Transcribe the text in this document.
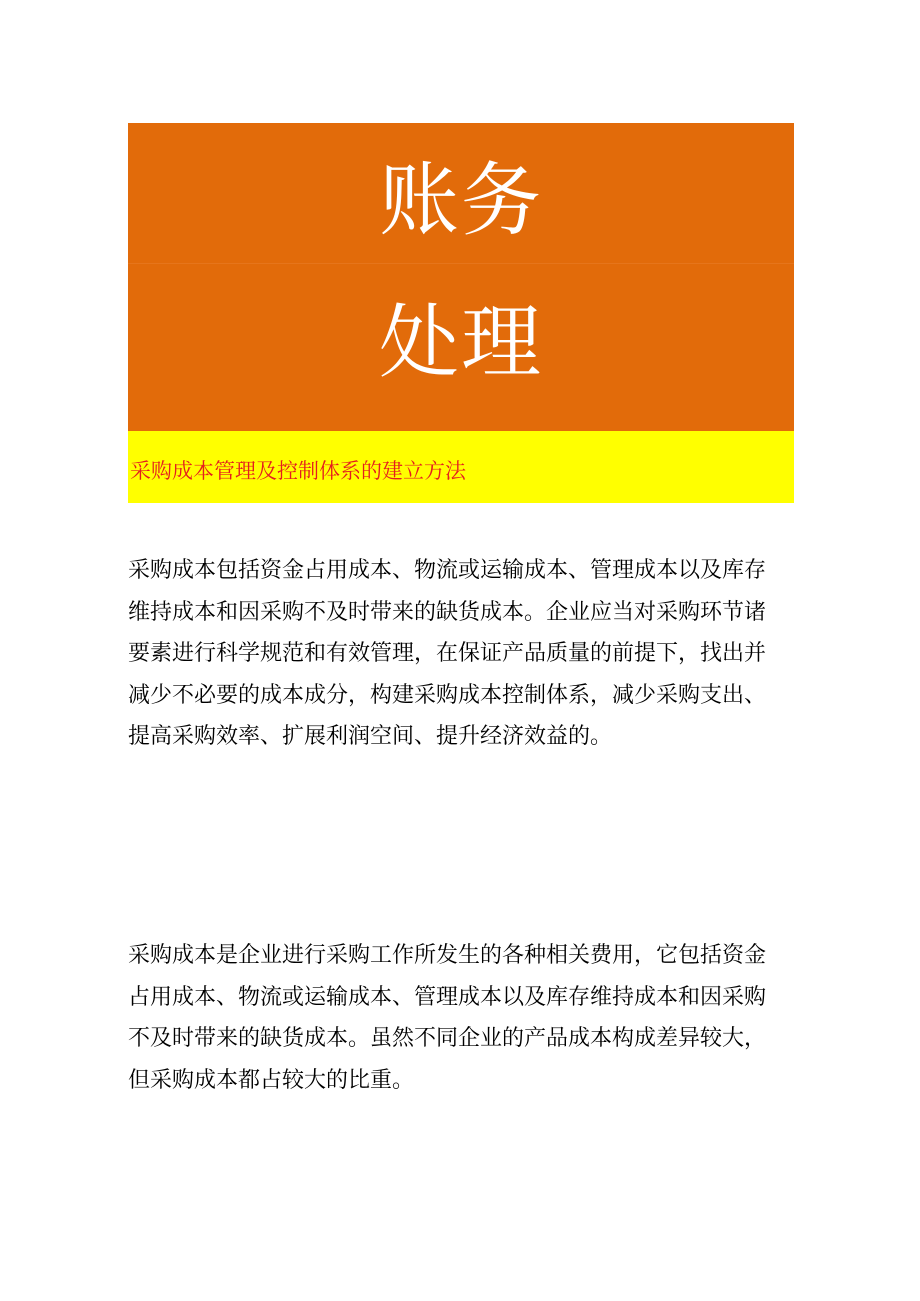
账务
处理
采购成本管理及控制体系的建立方法
采购成本包括资金占用成本、物流或运输成本、管理成本以及库存
维持成本和因采购不及时带来的缺货成本。企业应当对采购环节诸
要素进行科学规范和有效管理，在保证产品质量的前提下，找出并
减少不必要的成本成分，构建采购成本控制体系，减少采购支出、
提高采购效率、扩展利润空间、提升经济效益的。
采购成本是企业进行采购工作所发生的各种相关费用，它包括资金
占用成本、物流或运输成本、管理成本以及库存维持成本和因采购
不及时带来的缺货成本。虽然不同企业的产品成本构成差异较大，
但采购成本都占较大的比重。
